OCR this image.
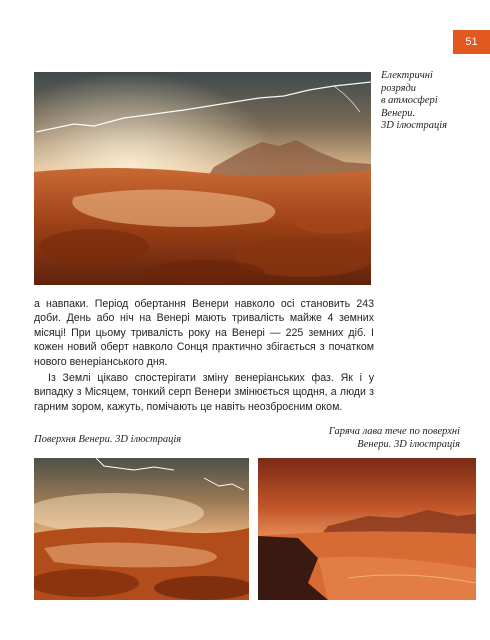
51
Електричні
розряди
в атмосфері
Венери.
3D ілюстрація

а навпаки. Період обертання Венери навколо осі становить 243 доби. День або ніч на Венері мають тривалість майже 4 земних місяці! При цьому тривалість року на Венері — 225 земних діб. І кожен новий оберт навколо Сонця практично збігається з початком нового венеріанського дня.

Із Землі цікаво спостерігати зміну венеріанських фаз. Як і у випадку з Місяцем, тонкий серп Венери змінюється щодня, а люди з гарним зором, кажуть, помічають це навіть неозброєним оком.

Поверхня Венери. 3D ілюстрація
Гаряча лава тече по поверхні
Венери. 3D ілюстрація
